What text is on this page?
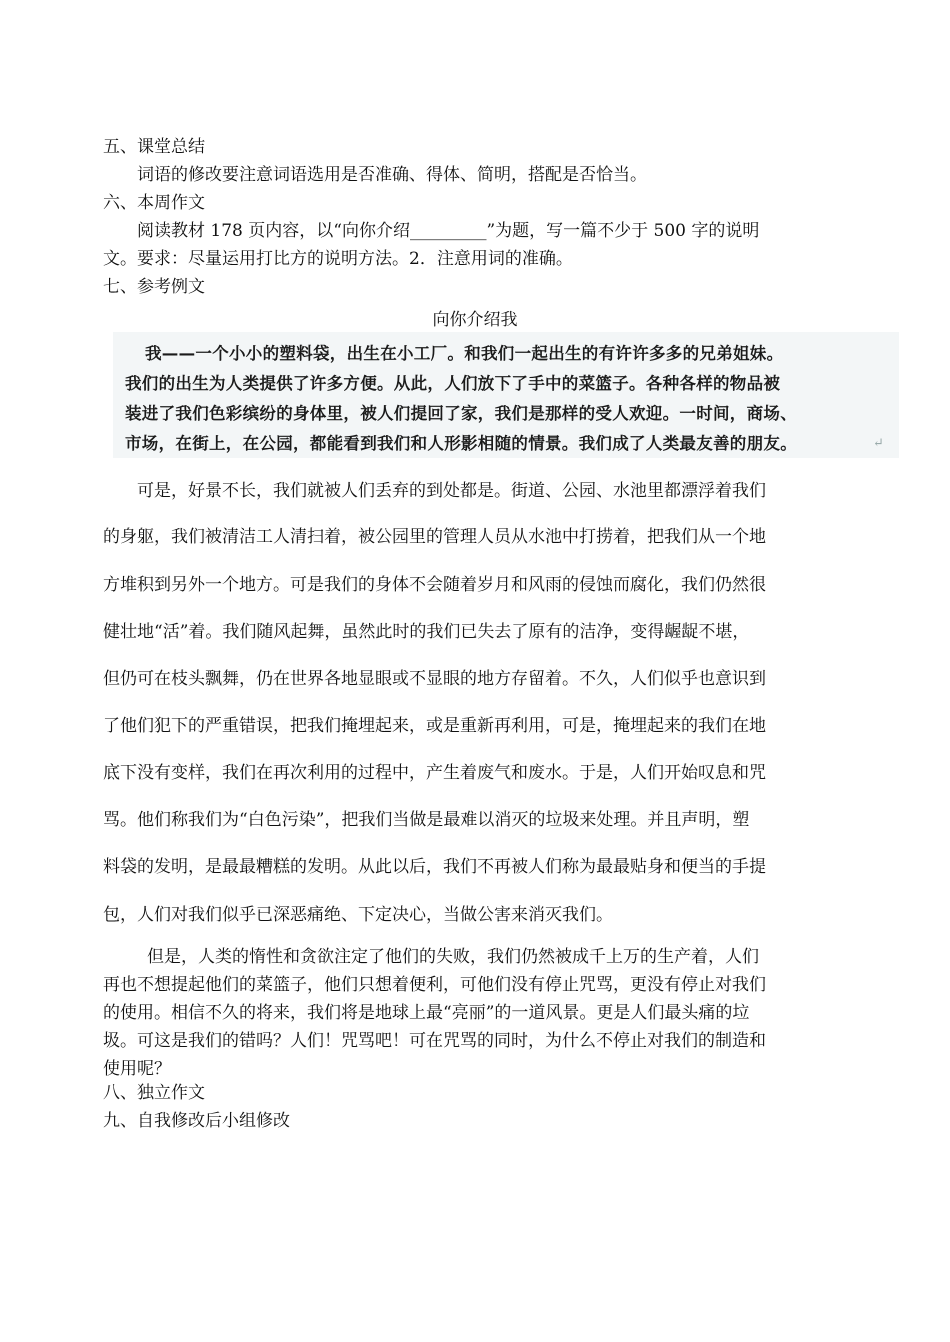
五、课堂总结
词语的修改要注意词语选用是否准确、得体、简明，搭配是否恰当。
六、本周作文
阅读教材 178 页内容，以“向你介绍_________”为题，写一篇不少于 500 字的说明
文。要求：尽量运用打比方的说明方法。2．注意用词的准确。
七、参考例文
向你介绍我
我——一个小小的塑料袋，出生在小工厂。和我们一起出生的有许许多多的兄弟姐妹。
我们的出生为人类提供了许多方便。从此，人们放下了手中的菜篮子。各种各样的物品被
装进了我们色彩缤纷的身体里，被人们提回了家，我们是那样的受人欢迎。一时间，商场、
市场，在街上，在公园，都能看到我们和人形影相随的情景。我们成了人类最友善的朋友。	↵
可是，好景不长，我们就被人们丢弃的到处都是。街道、公园、水池里都漂浮着我们
的身躯，我们被清洁工人清扫着，被公园里的管理人员从水池中打捞着，把我们从一个地
方堆积到另外一个地方。可是我们的身体不会随着岁月和风雨的侵蚀而腐化，我们仍然很
健壮地“活”着。我们随风起舞，虽然此时的我们已失去了原有的洁净，变得龌龊不堪，
但仍可在枝头飘舞，仍在世界各地显眼或不显眼的地方存留着。不久，人们似乎也意识到
了他们犯下的严重错误，把我们掩埋起来，或是重新再利用，可是，掩埋起来的我们在地
底下没有变样，我们在再次利用的过程中，产生着废气和废水。于是，人们开始叹息和咒
骂。他们称我们为“白色污染”，把我们当做是最难以消灭的垃圾来处理。并且声明，塑
料袋的发明，是最最糟糕的发明。从此以后，我们不再被人们称为最最贴身和便当的手提
包，人们对我们似乎已深恶痛绝、下定决心，当做公害来消灭我们。
但是，人类的惰性和贪欲注定了他们的失败，我们仍然被成千上万的生产着，人们
再也不想提起他们的菜篮子，他们只想着便利，可他们没有停止咒骂，更没有停止对我们
的使用。相信不久的将来，我们将是地球上最“亮丽”的一道风景。更是人们最头痛的垃
圾。可这是我们的错吗？人们！咒骂吧！可在咒骂的同时，为什么不停止对我们的制造和
使用呢？
八、独立作文
九、自我修改后小组修改
